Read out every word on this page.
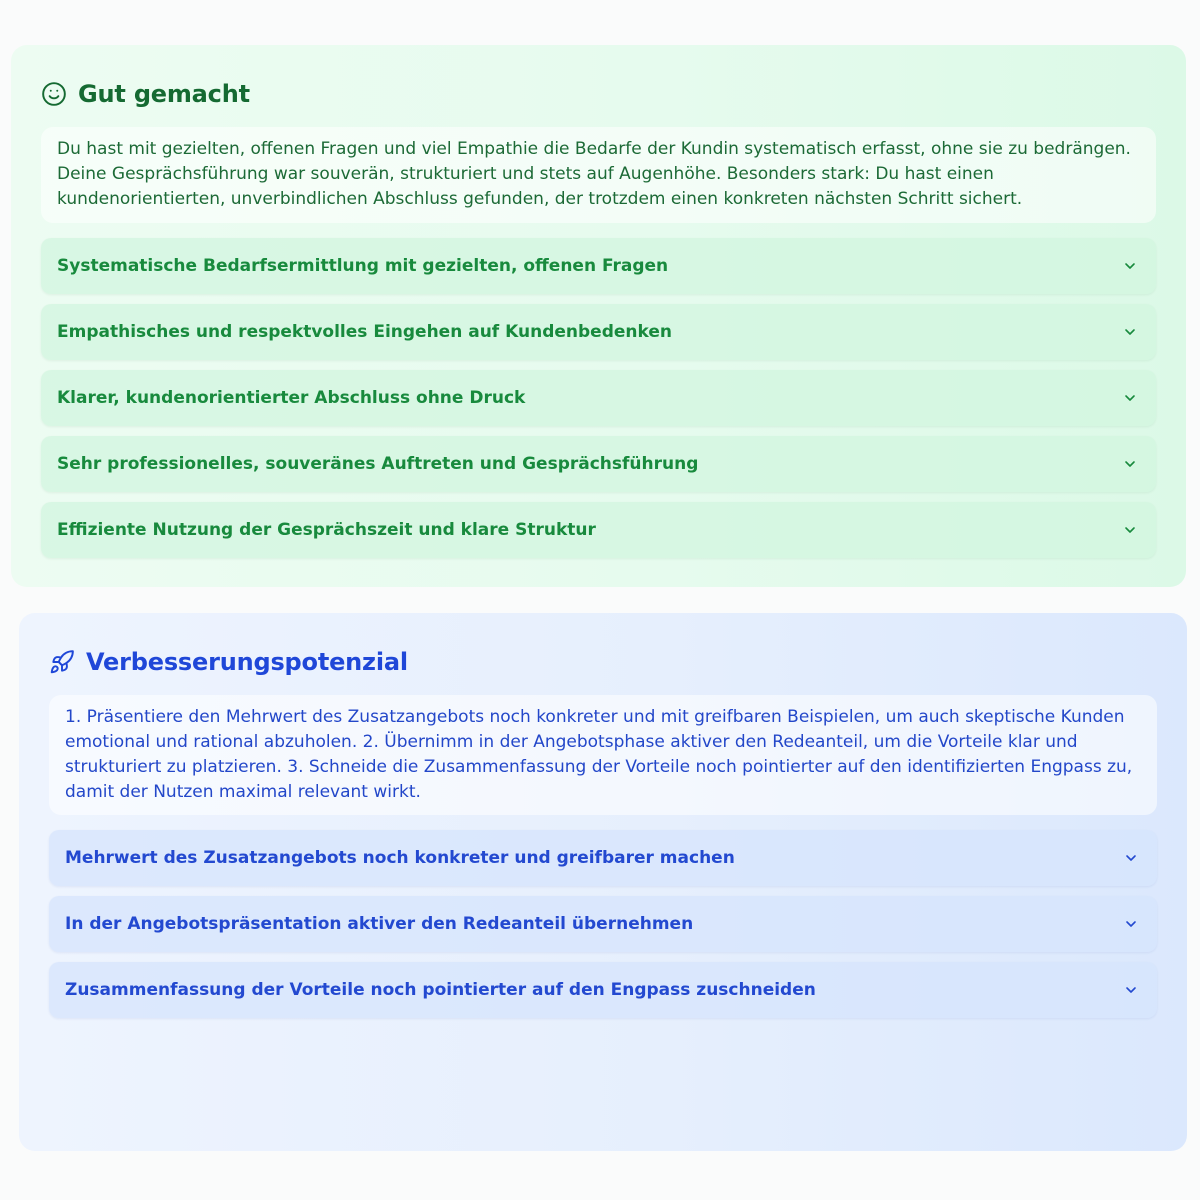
Gut gemacht
Du hast mit gezielten, offenen Fragen und viel Empathie die Bedarfe der Kundin systematisch erfasst, ohne sie zu bedrängen. Deine Gesprächsführung war souverän, strukturiert und stets auf Augenhöhe. Besonders stark: Du hast einen kundenorientierten, unverbindlichen Abschluss gefunden, der trotzdem einen konkreten nächsten Schritt sichert.
Systematische Bedarfsermittlung mit gezielten, offenen Fragen
Empathisches und respektvolles Eingehen auf Kundenbedenken
Klarer, kundenorientierter Abschluss ohne Druck
Sehr professionelles, souveränes Auftreten und Gesprächsführung
Effiziente Nutzung der Gesprächszeit und klare Struktur
Verbesserungspotenzial
1. Präsentiere den Mehrwert des Zusatzangebots noch konkreter und mit greifbaren Beispielen, um auch skeptische Kunden emotional und rational abzuholen. 2. Übernimm in der Angebotsphase aktiver den Redeanteil, um die Vorteile klar und strukturiert zu platzieren. 3. Schneide die Zusammenfassung der Vorteile noch pointierter auf den identifizierten Engpass zu, damit der Nutzen maximal relevant wirkt.
Mehrwert des Zusatzangebots noch konkreter und greifbarer machen
In der Angebotspräsentation aktiver den Redeanteil übernehmen
Zusammenfassung der Vorteile noch pointierter auf den Engpass zuschneiden
